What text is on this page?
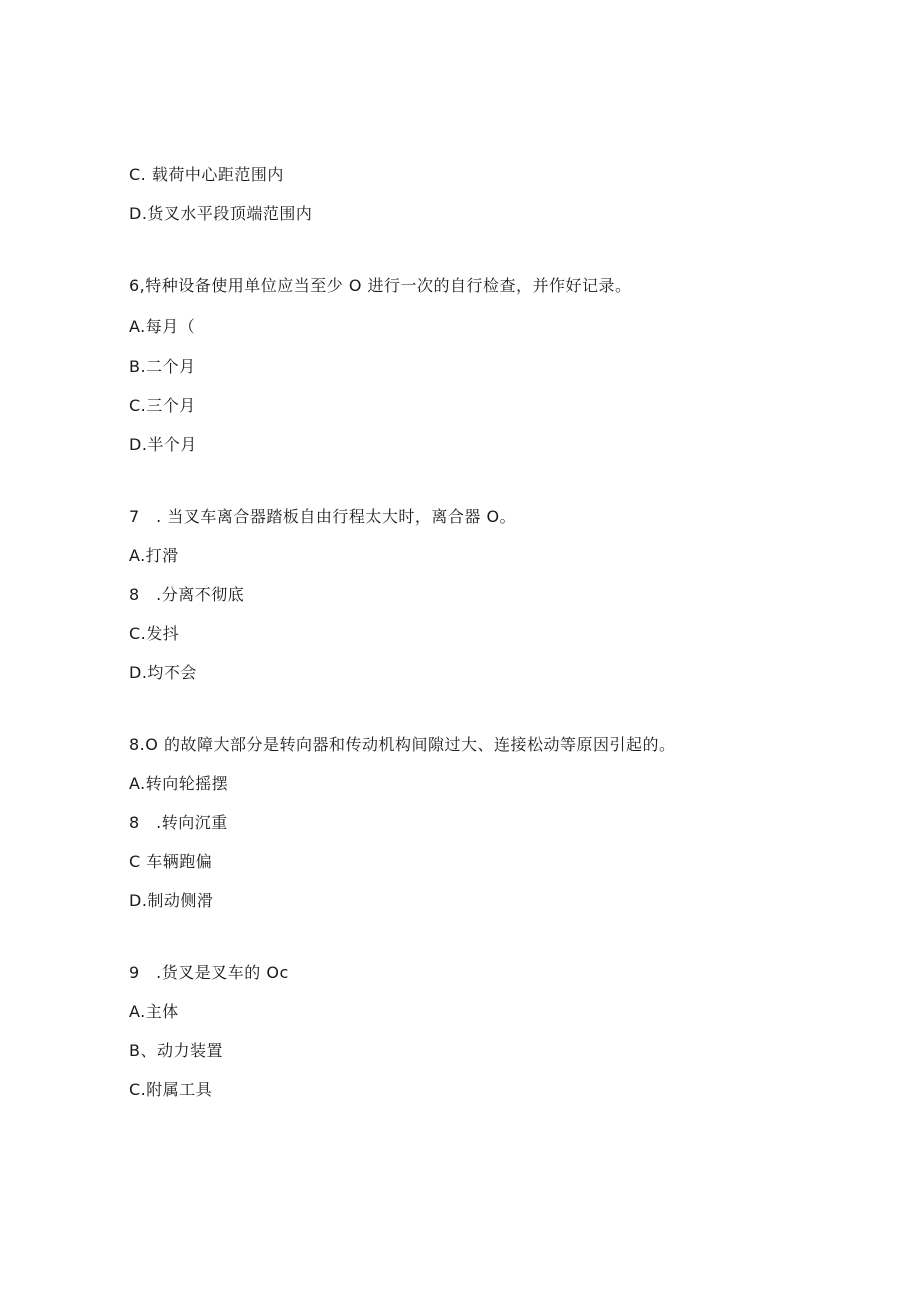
C. 载荷中心距范围内
D.货叉水平段顶端范围内
6,特种设备使用单位应当至少 O 进行一次的自行检查，并作好记录。
A.每月（
B.二个月
C.三个月
D.半个月
7　. 当叉车离合器踏板自由行程太大时，离合器 O。
A.打滑
8　.分离不彻底
C.发抖
D.均不会
8.O 的故障大部分是转向器和传动机构间隙过大、连接松动等原因引起的。
A.转向轮摇摆
8　.转向沉重
C 车辆跑偏
D.制动侧滑
9　.货叉是叉车的 Oc
A.主体
B、动力装置
C.附属工具
